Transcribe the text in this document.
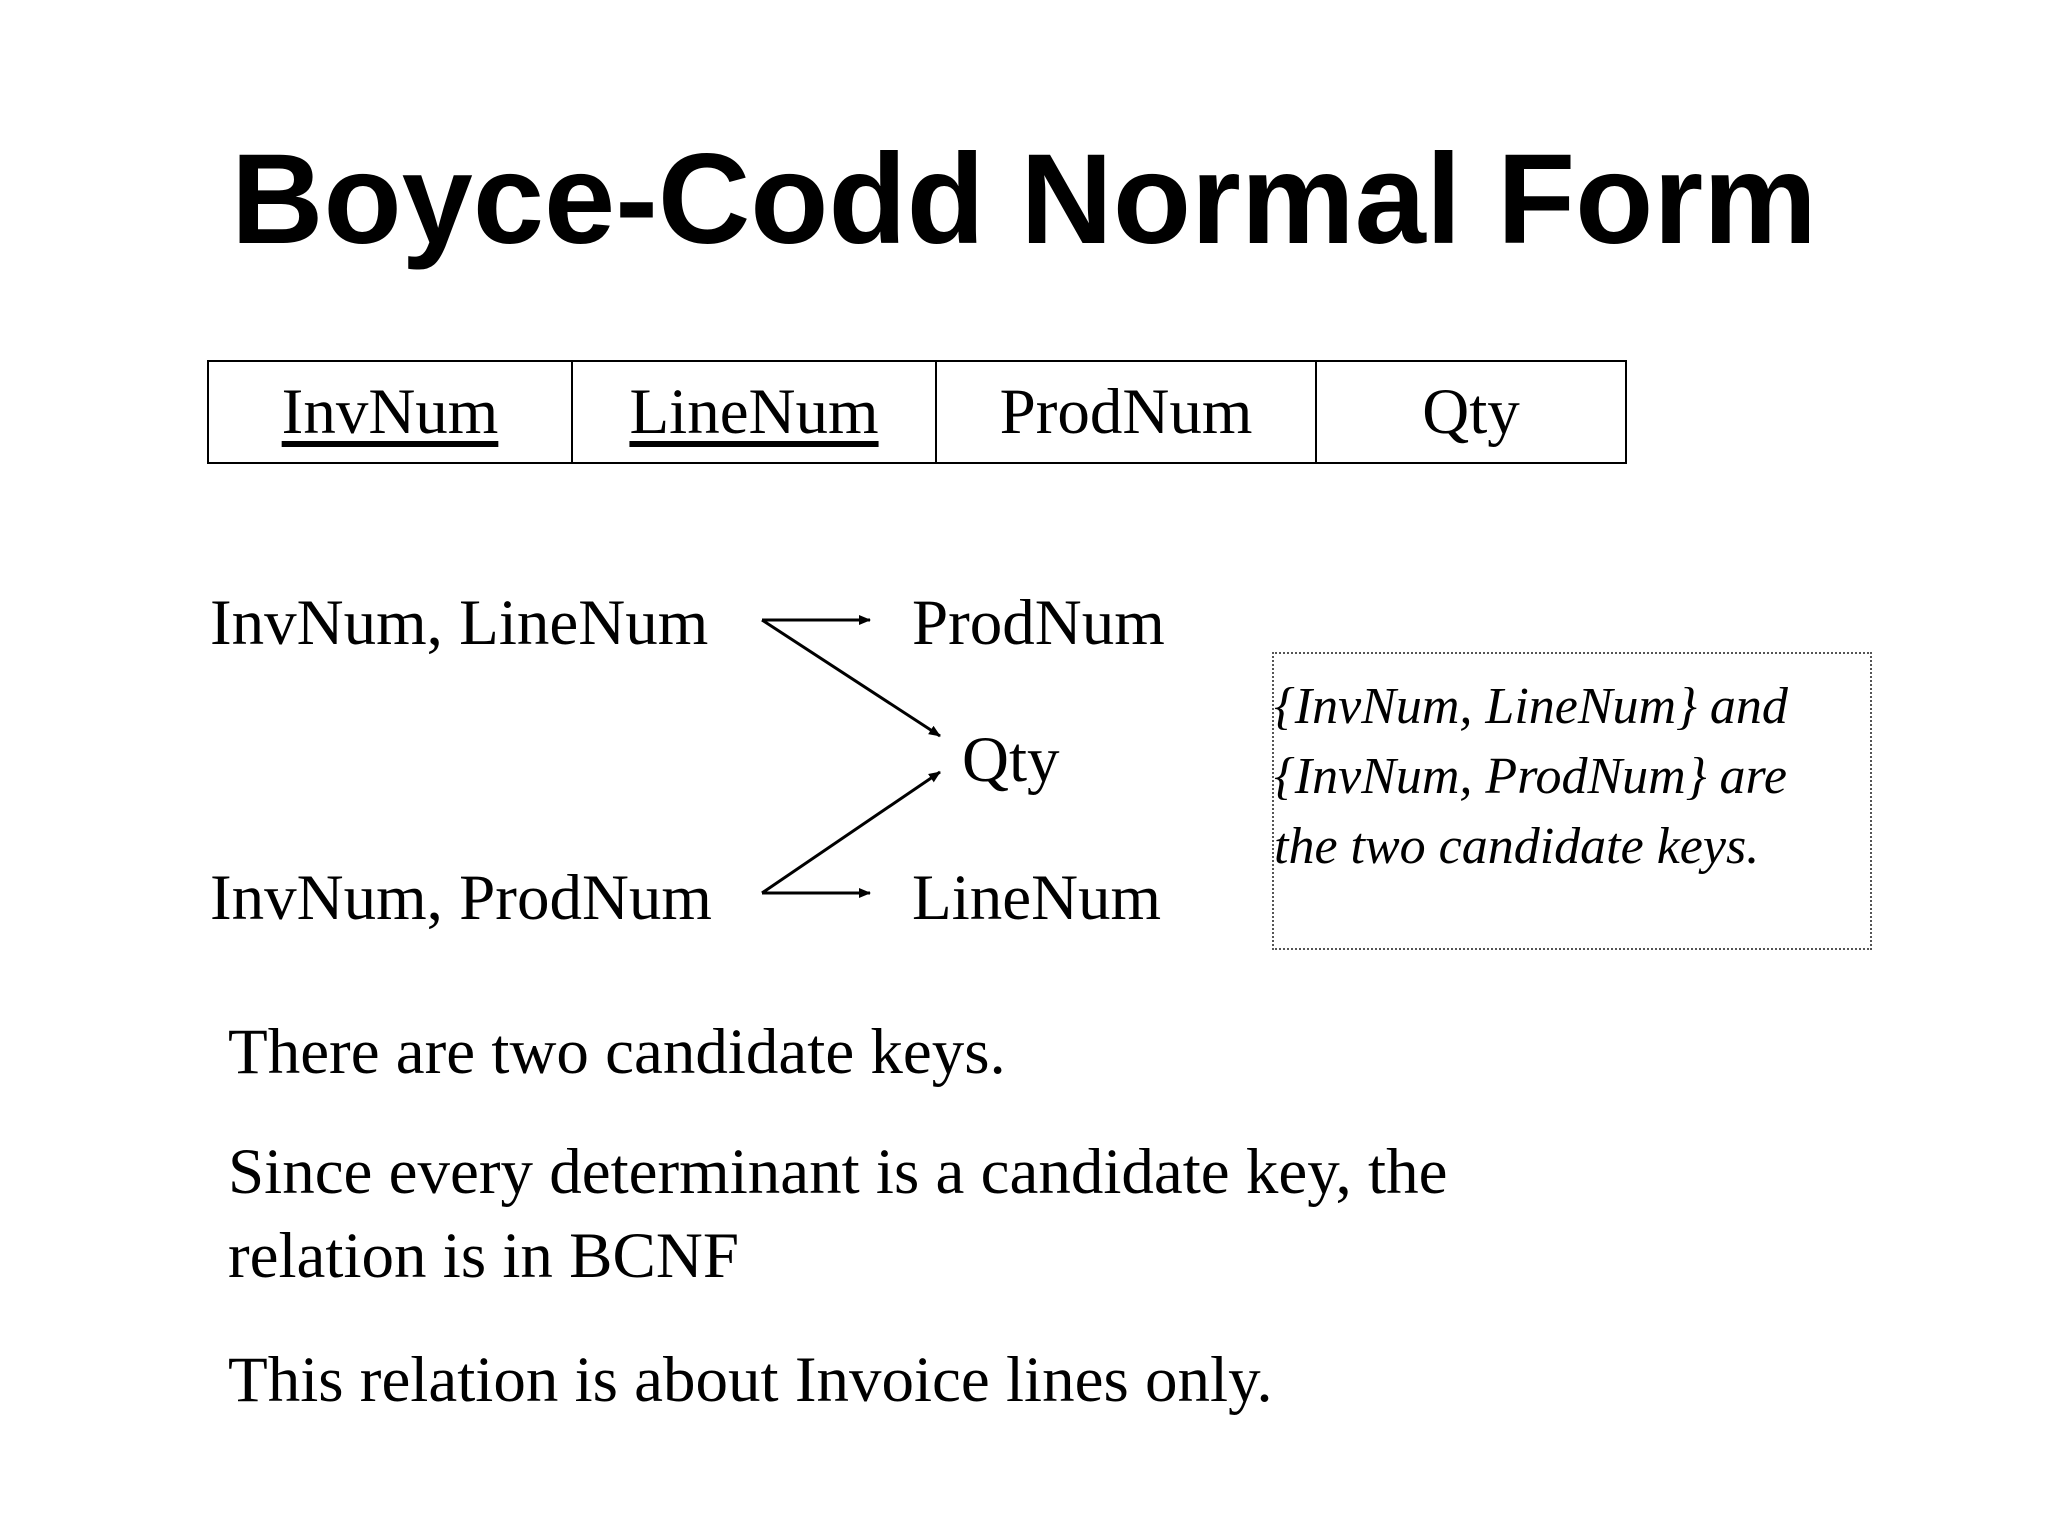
Boyce-Codd Normal Form
InvNum	LineNum	ProdNum	Qty
InvNum, LineNum	ProdNum
Qty
InvNum, ProdNum	LineNum
{InvNum, LineNum} and
{InvNum, ProdNum} are
the two candidate keys.

There are two candidate keys.

Since every determinant is a candidate key, the

relation is in BCNF

This relation is about Invoice lines only.
